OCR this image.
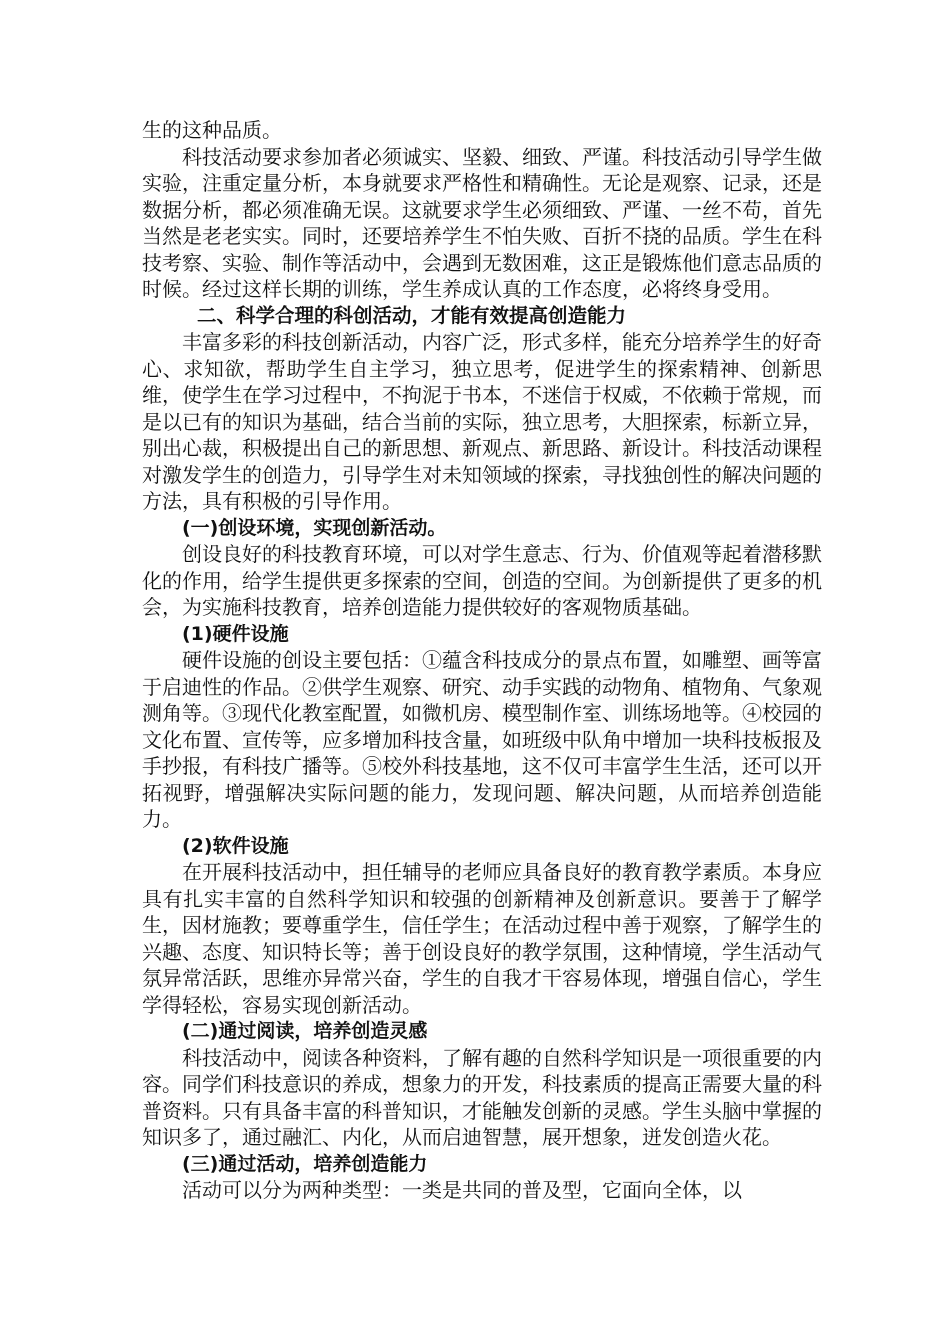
生的这种品质。

科技活动要求参加者必须诚实、坚毅、细致、严谨。科技活动引导学生做实验，注重定量分析，本身就要求严格性和精确性。无论是观察、记录，还是数据分析，都必须准确无误。这就要求学生必须细致、严谨、一丝不苟，首先当然是老老实实。同时，还要培养学生不怕失败、百折不挠的品质。学生在科技考察、实验、制作等活动中，会遇到无数困难，这正是锻炼他们意志品质的时候。经过这样长期的训练，学生养成认真的工作态度，必将终身受用。

二、科学合理的科创活动，才能有效提高创造能力

丰富多彩的科技创新活动，内容广泛，形式多样，能充分培养学生的好奇心、求知欲，帮助学生自主学习，独立思考，促进学生的探索精神、创新思维，使学生在学习过程中，不拘泥于书本，不迷信于权威，不依赖于常规，而是以已有的知识为基础，结合当前的实际，独立思考，大胆探索，标新立异，别出心裁，积极提出自己的新思想、新观点、新思路、新设计。科技活动课程对激发学生的创造力，引导学生对未知领域的探索，寻找独创性的解决问题的方法，具有积极的引导作用。

(一)创设环境，实现创新活动。

创设良好的科技教育环境，可以对学生意志、行为、价值观等起着潜移默化的作用，给学生提供更多探索的空间，创造的空间。为创新提供了更多的机会，为实施科技教育，培养创造能力提供较好的客观物质基础。

(1)硬件设施

硬件设施的创设主要包括：①蕴含科技成分的景点布置，如雕塑、画等富于启迪性的作品。②供学生观察、研究、动手实践的动物角、植物角、气象观测角等。③现代化教室配置，如微机房、模型制作室、训练场地等。④校园的文化布置、宣传等，应多增加科技含量，如班级中队角中增加一块科技板报及手抄报，有科技广播等。⑤校外科技基地，这不仅可丰富学生生活，还可以开拓视野，增强解决实际问题的能力，发现问题、解决问题，从而培养创造能力。

(2)软件设施

在开展科技活动中，担任辅导的老师应具备良好的教育教学素质。本身应具有扎实丰富的自然科学知识和较强的创新精神及创新意识。要善于了解学生，因材施教；要尊重学生，信任学生；在活动过程中善于观察，了解学生的兴趣、态度、知识特长等；善于创设良好的教学氛围，这种情境，学生活动气氛异常活跃，思维亦异常兴奋，学生的自我才干容易体现，增强自信心，学生学得轻松，容易实现创新活动。

(二)通过阅读，培养创造灵感

科技活动中，阅读各种资料，了解有趣的自然科学知识是一项很重要的内容。同学们科技意识的养成，想象力的开发，科技素质的提高正需要大量的科普资料。只有具备丰富的科普知识，才能触发创新的灵感。学生头脑中掌握的知识多了，通过融汇、内化，从而启迪智慧，展开想象，迸发创造火花。

(三)通过活动，培养创造能力

活动可以分为两种类型：一类是共同的普及型，它面向全体，以
